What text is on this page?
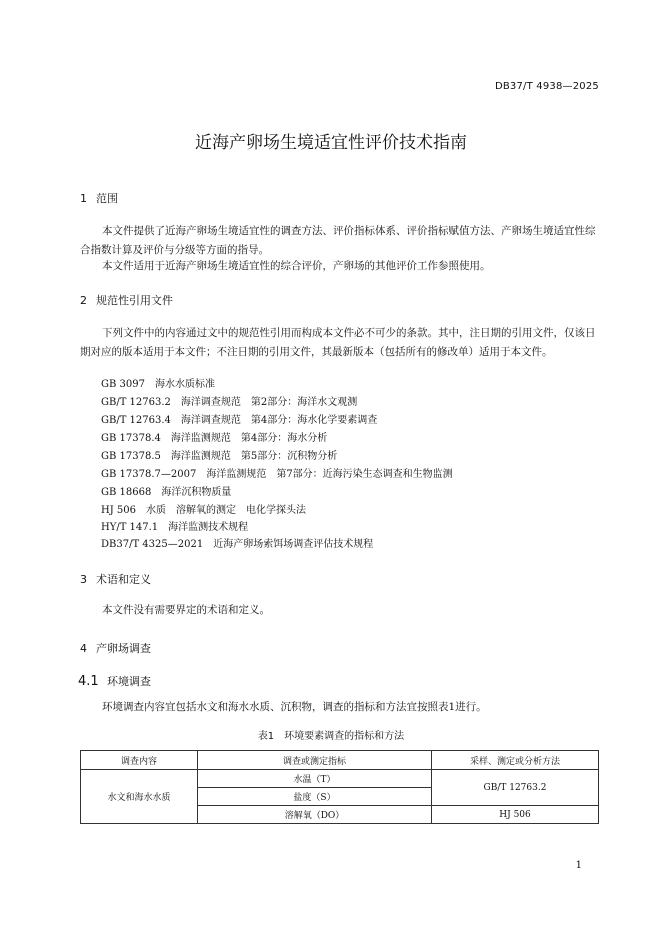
DB37/T 4938—2025
近海产卵场生境适宜性评价技术指南
1 范围
本文件提供了近海产卵场生境适宜性的调查方法、评价指标体系、评价指标赋值方法、产卵场生境适宜性综合指数计算及评价与分级等方面的指导。
本文件适用于近海产卵场生境适宜性的综合评价，产卵场的其他评价工作参照使用。
2 规范性引用文件
下列文件中的内容通过文中的规范性引用而构成本文件必不可少的条款。其中，注日期的引用文件，仅该日期对应的版本适用于本文件；不注日期的引用文件，其最新版本（包括所有的修改单）适用于本文件。
GB 3097　海水水质标准
GB/T 12763.2　海洋调查规范　第2部分：海洋水文观测
GB/T 12763.4　海洋调查规范　第4部分：海水化学要素调查
GB 17378.4　海洋监测规范　第4部分：海水分析
GB 17378.5　海洋监测规范　第5部分：沉积物分析
GB 17378.7—2007　海洋监测规范　第7部分：近海污染生态调查和生物监测
GB 18668　海洋沉积物质量
HJ 506　水质　溶解氧的测定　电化学探头法
HY/T 147.1　海洋监测技术规程
DB37/T 4325—2021　近海产卵场索饵场调查评估技术规程
3 术语和定义
本文件没有需要界定的术语和定义。
4 产卵场调查
4.1 环境调查
环境调查内容宜包括水文和海水水质、沉积物，调查的指标和方法宜按照表1进行。
表1　环境要素调查的指标和方法
调查内容	调查或测定指标	采样、测定或分析方法
水文和海水水质	水温（T）	GB/T 12763.2
	盐度（S）	
	溶解氧（DO）	HJ 506
1
